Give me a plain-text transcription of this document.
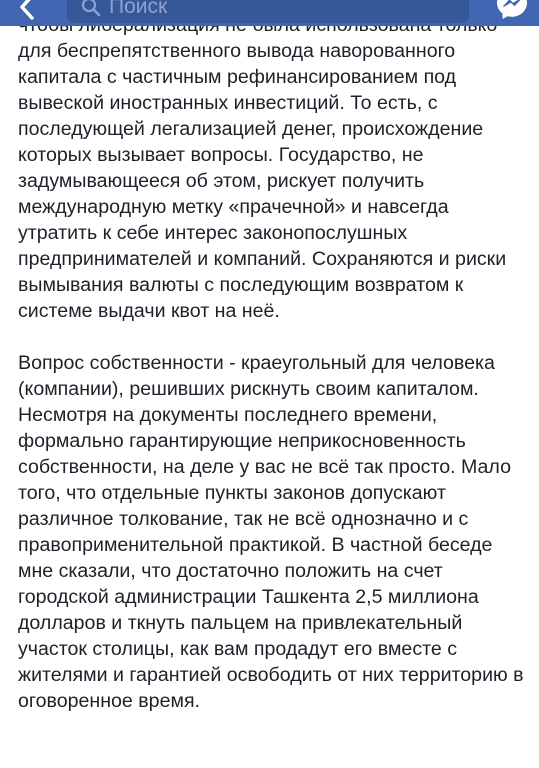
Поиск

для беспрепятственного вывода наворованного капитала с частичным рефинансированием под вывеской иностранных инвестиций. То есть, с последующей легализацией денег, происхождение которых вызывает вопросы. Государство, не задумывающееся об этом, рискует получить международную метку «прачечной» и навсегда утратить к себе интерес законопослушных предпринимателей и компаний. Сохраняются и риски вымывания валюты с последующим возвратом к системе выдачи квот на неё.

Вопрос собственности - краеугольный для человека (компании), решивших рискнуть своим капиталом. Несмотря на документы последнего времени, формально гарантирующие неприкосновенность собственности, на деле у вас не всё так просто. Мало того, что отдельные пункты законов допускают различное толкование, так не всё однозначно и с правоприменительной практикой. В частной беседе мне сказали, что достаточно положить на счет городской администрации Ташкента 2,5 миллиона долларов и ткнуть пальцем на привлекательный участок столицы, как вам продадут его вместе с жителями и гарантией освободить от них территорию в оговоренное время.
